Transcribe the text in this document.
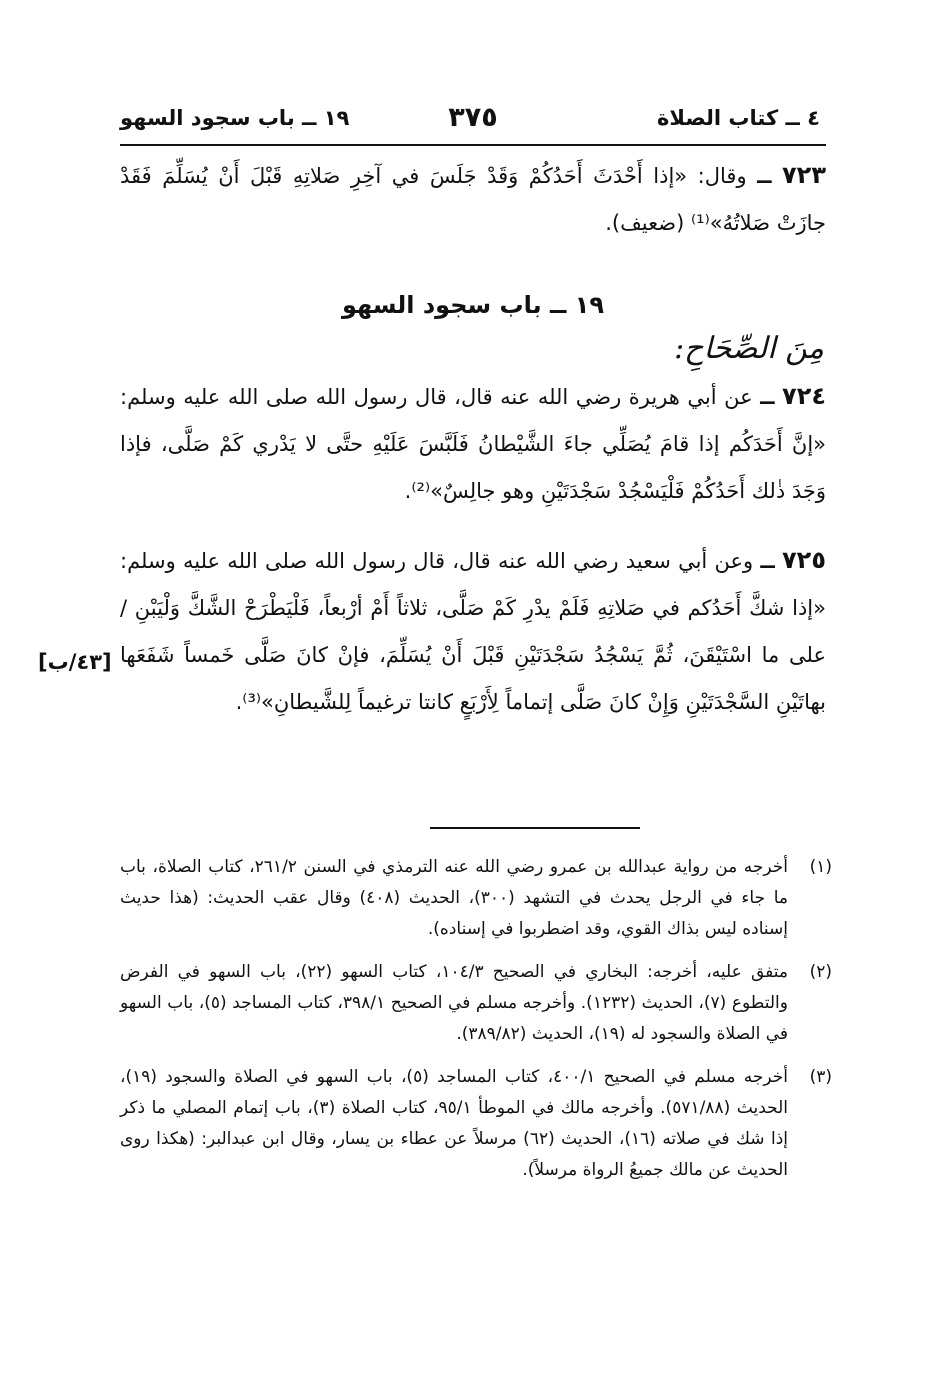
٤ ــ كتاب الصلاة
٣٧٥
١٩ ــ باب سجود السهو

٧٢٣ ــ وقال: «إذا أَحْدَثَ أَحَدُكُمْ وَقَدْ جَلَسَ في آخِرِ صَلاتِهِ قَبْلَ أَنْ يُسَلِّمَ فَقَدْ جازَتْ صَلاتُهُ»⁽¹⁾ (ضعيف).

١٩ ــ باب سجود السهو
مِنَ الصِّحَاحِ:

٧٢٤ ــ عن أبي هريرة رضي الله عنه قال، قال رسول الله صلى الله عليه وسلم: «إنَّ أَحَدَكُم إذا قامَ يُصَلِّي جاءَ الشَّيْطانُ فَلَبَّسَ عَلَيْهِ حتَّى لا يَدْري كَمْ صَلَّى، فإذا وَجَدَ ذٰلك أَحَدُكُمْ فَلْيَسْجُدْ سَجْدَتَيْنِ وهو جالِسٌ»⁽²⁾.

٧٢٥ ــ وعن أبي سعيد رضي الله عنه قال، قال رسول الله صلى الله عليه وسلم: «إذا شكَّ أَحَدُكم في صَلاتِهِ فَلَمْ يدْرِ كَمْ صَلَّى، ثلاثاً أَمْ أرْبعاً، فَلْيَطْرَحْ الشَّكَّ وَلْيَبْنِ / على ما اسْتَيْقَنَ، ثُمَّ يَسْجُدُ سَجْدَتَيْنِ قَبْلَ أَنْ يُسَلِّمَ، فإنْ كانَ صَلَّى خَمساً شَفَعَها بهاتَيْنِ السَّجْدَتَيْنِ وَإِنْ كانَ صَلَّى إتماماً لِأَرْبَعٍ كانتا ترغيماً لِلشَّيطانِ»⁽³⁾.

[٤٣/ب]
(١)
أخرجه من رواية عبدالله بن عمرو رضي الله عنه الترمذي في السنن ٢٦١/٢، كتاب الصلاة، باب ما جاء في الرجل يحدث في التشهد (٣٠٠)، الحديث (٤٠٨) وقال عقب الحديث: (هذا حديث إسناده ليس بذاك القوي، وقد اضطربوا في إسناده).
(٢)
متفق عليه، أخرجه: البخاري في الصحيح ١٠٤/٣، كتاب السهو (٢٢)، باب السهو في الفرض والتطوع (٧)، الحديث (١٢٣٢). وأخرجه مسلم في الصحيح ٣٩٨/١، كتاب المساجد (٥)، باب السهو في الصلاة والسجود له (١٩)، الحديث (٣٨٩/٨٢).
(٣)
أخرجه مسلم في الصحيح ٤٠٠/١، كتاب المساجد (٥)، باب السهو في الصلاة والسجود (١٩)، الحديث (٥٧١/٨٨). وأخرجه مالك في الموطأ ٩٥/١، كتاب الصلاة (٣)، باب إتمام المصلي ما ذكر إذا شك في صلاته (١٦)، الحديث (٦٢) مرسلاً عن عطاء بن يسار، وقال ابن عبدالبر: (هكذا روى الحديث عن مالك جميعُ الرواة مرسلاً).
